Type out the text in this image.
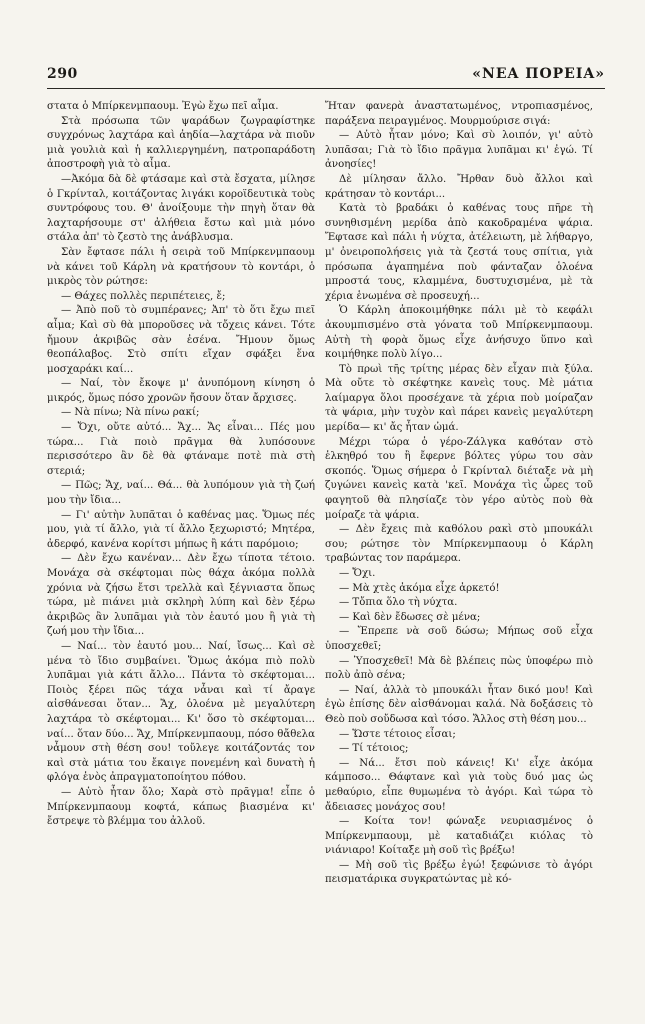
290	«ΝΕΑ ΠΟΡΕΙΑ»

στατα ὁ Μπίρκενμπαουμ. Ἐγὼ ἔχω πεῖ αἷμα.

Στὰ πρόσωπα τῶν ψαράδων ζωγραφίστηκε συγχρόνως λαχτάρα καὶ ἀηδία—λαχτάρα νὰ πιοῦν μιὰ γουλιὰ καὶ ἡ καλλιεργημένη, πατροπαράδοτη ἀποστροφὴ γιὰ τὸ αἷμα.

—Ἀκόμα δὰ δὲ φτάσαμε καὶ στὰ ἔσχατα, μίλησε ὁ Γκρίνταλ, κοιτάζοντας λιγάκι κοροϊδευτικὰ τοὺς συντρόφους του. Θ' ἀνοίξουμε τὴν πηγὴ ὅταν θὰ λαχταρήσουμε στ' ἀλήθεια ἔστω καὶ μιὰ μόνο στάλα ἀπ' τὸ ζεστὸ της ἀνάβλυσμα.

Σὰν ἔφτασε πάλι ἡ σειρὰ τοῦ Μπίρκενμπαουμ νὰ κάνει τοῦ Κάρλη νὰ κρατήσουν τὸ κοντάρι, ὁ μικρὸς τὸν ρώτησε:

— Θάχες πολλὲς περιπέτειες, ἔ;

— Ἀπὸ ποῦ τὸ συμπέρανες; Ἀπ' τὸ ὅτι ἔχω πιεῖ αἷμα; Καὶ σὺ θὰ μποροῦσες νὰ τὄχεις κάνει. Τότε ἤμουν ἀκριβῶς σὰν ἐσένα. Ἤμουν ὅμως θεοπάλαβος. Στὸ σπίτι εἴχαν σφάξει ἕνα μοσχαράκι καί...

— Ναί, τὸν ἔκοψε μ' ἀνυπόμονη κίνηση ὁ μικρός, ὅμως πόσο χρονῶν ἤσουν ὅταν ἄρχισες.

— Νὰ πίνω; Νὰ πίνω ρακί;

— Ὄχι, οὔτε αὐτό... Ἄχ... Ἄς εἶναι... Πές μου τώρα... Γιὰ ποιὸ πρᾶγμα θὰ λυπόσουνε περισσότερο ἂν δὲ θὰ φτάναμε ποτὲ πιὰ στὴ στεριά;

— Πῶς; Ἄχ, ναί... Θά... θὰ λυπόμουν γιὰ τὴ ζωή μου τὴν ἴδια...

— Γι' αὐτὴν λυπᾶται ὁ καθένας μας. Ὅμως πές μου, γιὰ τί ἄλλο, γιὰ τί ἄλλο ξεχωριστό; Μητέρα, ἀδερφό, κανένα κορίτσι μήπως ἢ κάτι παρόμοιο;

— Δὲν ἔχω κανέναν... Δὲν ἔχω τίποτα τέτοιο. Μονάχα σὰ σκέφτομαι πὼς θάχα ἀκόμα πολλὰ χρόνια νὰ ζήσω ἔτσι τρελλὰ καὶ ξέγνιαστα ὅπως τώρα, μὲ πιάνει μιὰ σκληρὴ λύπη καὶ δὲν ξέρω ἀκριβῶς ἂν λυπᾶμαι γιὰ τὸν ἑαυτό μου ἢ γιὰ τὴ ζωή μου τὴν ἴδια...

— Ναί... τὸν ἑαυτό μου... Ναί, ἴσως... Καὶ σὲ μένα τὸ ἴδιο συμβαίνει. Ὅμως ἀκόμα πιὸ πολὺ λυπᾶμαι γιὰ κάτι ἄλλο... Πάντα τὸ σκέφτομαι... Ποιὸς ξέρει πῶς τάχα νἆναι καὶ τί ἄραγε αἰσθάνεσαι ὅταν... Ἄχ, ὁλοένα μὲ μεγαλύτερη λαχτάρα τὸ σκέφτομαι... Κι' ὅσο τὸ σκέφτομαι... ναί... ὅταν δύο... Ἄχ, Μπίρκενμπαουμ, πόσο θἄθελα νἆμουν στὴ θέση σου! τοὔλεγε κοιτάζοντάς τον καὶ στὰ μάτια του ἔκαιγε πονεμένη καὶ δυνατὴ ἡ φλόγα ἑνὸς ἀπραγματοποίητου πόθου.

— Αὐτὸ ἦταν ὅλο; Χαρὰ στὸ πρᾶγμα! εἶπε ὁ Μπίρκενμπαουμ κοφτά, κάπως βιασμένα κι' ἔστρεψε τὸ βλέμμα του ἀλλοῦ.

Ἤταν φανερὰ ἀναστατωμένος, ντροπιασμένος, παράξενα πειραγμένος. Μουρμούρισε σιγά:

— Αὐτὸ ἦταν μόνο; Καὶ σὺ λοιπόν, γι' αὐτὸ λυπᾶσαι; Γιὰ τὸ ἴδιο πρᾶγμα λυπᾶμαι κι' ἐγώ. Τί ἀνοησίες!

Δὲ μίλησαν ἄλλο. Ἤρθαν δυὸ ἄλλοι καὶ κράτησαν τὸ κοντάρι...

Κατὰ τὸ βραδάκι ὁ καθένας τους πῆρε τὴ συνηθισμένη μερίδα ἀπὸ κακοδραμένα ψάρια. Ἔφτασε καὶ πάλι ἡ νύχτα, ἀτέλειωτη, μὲ λήθαργο, μ' ὀνειροπολήσεις γιὰ τὰ ζεστά τους σπίτια, γιὰ πρόσωπα ἀγαπημένα ποὺ φάνταζαν ὁλοένα μπροστά τους, κλαμμένα, δυστυχισμένα, μὲ τὰ χέρια ἑνωμένα σὲ προσευχή...

Ὁ Κάρλη ἀποκοιμήθηκε πάλι μὲ τὸ κεφάλι ἀκουμπισμένο στὰ γόνατα τοῦ Μπίρκενμπαουμ. Αὐτὴ τὴ φορὰ ὅμως εἶχε ἀνήσυχο ὕπνο καὶ κοιμήθηκε πολὺ λίγο...

Τὸ πρωὶ τῆς τρίτης μέρας δὲν εἶχαν πιὰ ξύλα. Μὰ οὔτε τὸ σκέφτηκε κανεὶς τους. Μὲ μάτια λαίμαργα ὅλοι προσέχανε τὰ χέρια ποὺ μοίραζαν τὰ ψάρια, μὴν τυχὸν καὶ πάρει κανεὶς μεγαλύτερη μερίδα— κι' ἄς ἦταν ὠμά.

Μέχρι τώρα ὁ γέρο-Ζάλγκα καθόταν στὸ ἑλκηθρό του ἢ ἔφερνε βόλτες γύρω του σὰν σκοπός. Ὅμως σήμερα ὁ Γκρίνταλ διέταξε νὰ μὴ ζυγώνει κανεὶς κατὰ 'κεῖ. Μονάχα τὶς ὧρες τοῦ φαγητοῦ θὰ πλησίαζε τὸν γέρο αὐτὸς ποὺ θὰ μοίραζε τὰ ψάρια.

— Δὲν ἔχεις πιὰ καθόλου ρακὶ στὸ μπουκάλι σου; ρώτησε τὸν Μπίρκενμπαουμ ὁ Κάρλη τραβώντας τον παράμερα.

— Ὄχι.

— Μὰ χτὲς ἀκόμα εἶχε ἀρκετό!

— Τὄπια ὅλο τὴ νύχτα.

— Καὶ δὲν ἔδωσες σὲ μένα;

— Ἔπρεπε νὰ σοῦ δώσω; Μήπως σοῦ εἶχα ὑποσχεθεῖ;

— Ὑποσχεθεῖ! Μὰ δὲ βλέπεις πὼς ὑποφέρω πιὸ πολὺ ἀπὸ σένα;

— Ναί, ἀλλὰ τὸ μπουκάλι ἦταν δικό μου! Καὶ ἐγὼ ἐπίσης δὲν αἰσθάνομαι καλά. Νὰ δοξάσεις τὸ Θεὸ ποὺ σοὔδωσα καὶ τόσο. Ἄλλος στὴ θέση μου...

— Ὥστε τέτοιος εἶσαι;

— Τί τέτοιος;

— Νά... ἔτσι ποὺ κάνεις! Κι' εἶχε ἀκόμα κάμποσο... Θάφτανε καὶ γιὰ τοὺς δυό μας ὡς μεθαύριο, εἶπε θυμωμένα τὸ ἀγόρι. Καὶ τώρα τὸ ἄδειασες μονάχος σου!

— Κοίτα τον! φώναξε νευριασμένος ὁ Μπίρκενμπαουμ, μὲ καταδιάζει κιόλας τὸ νιάνιαρο! Κοίταξε μὴ σοῦ τὶς βρέξω!

— Μὴ σοῦ τὶς βρέξω ἐγώ! ξεφώνισε τὸ ἀγόρι πεισματάρικα συγκρατώντας μὲ κό-
